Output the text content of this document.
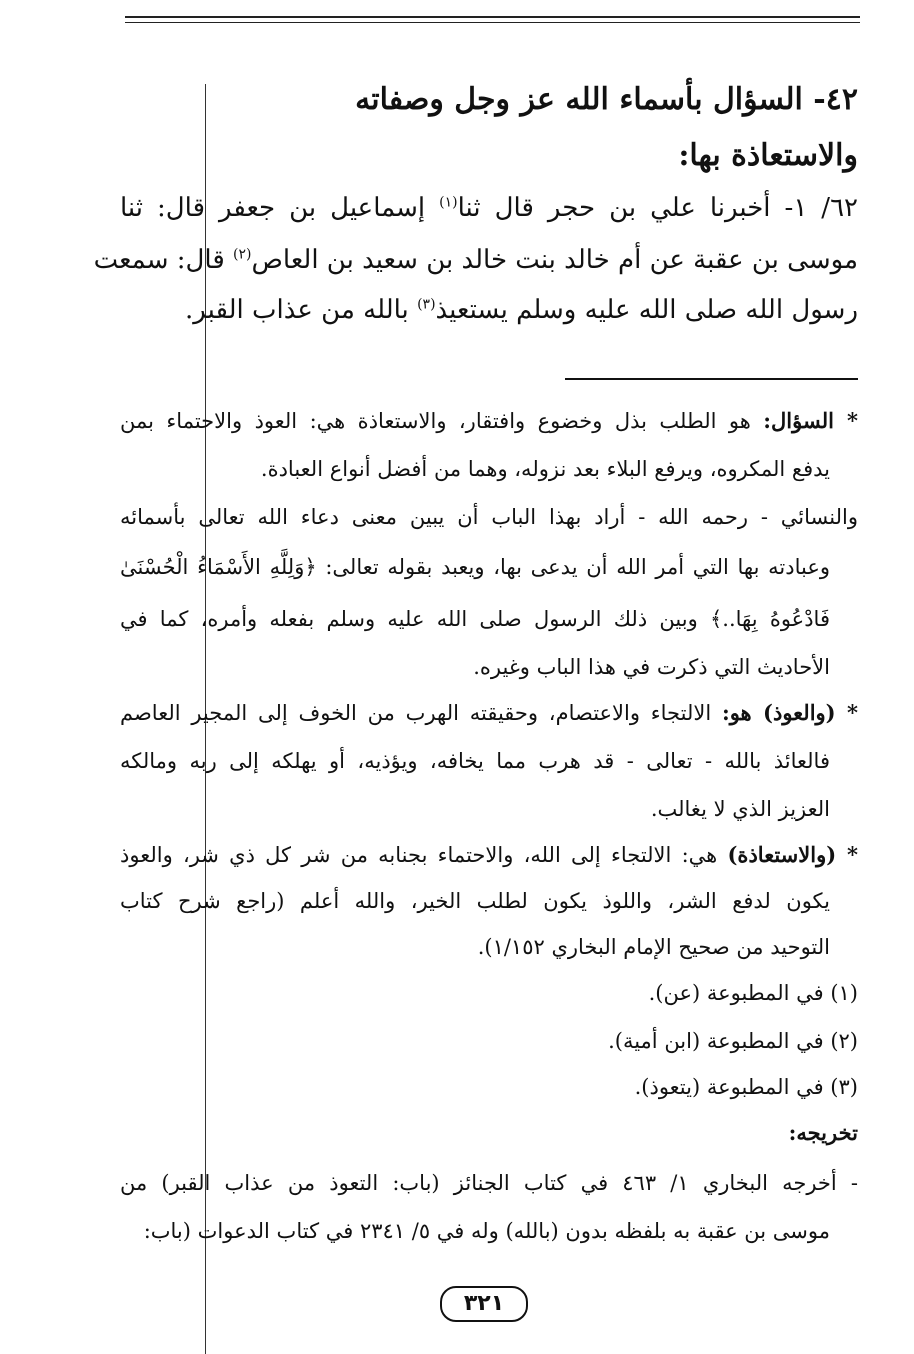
٤٢- السؤال بأسماء الله عز وجل وصفاته
والاستعاذة بها:
٦٢/ ١- أخبرنا علي بن حجر قال ثنا$^{(١)}$ إسماعيل بن جعفر قال: ثنا
موسى بن عقبة عن أم خالد بنت خالد بن سعيد بن العاص$^{(٢)}$ قال: سمعت
رسول الله صلى الله عليه وسلم يستعيذ$^{(٣)}$ بالله من عذاب القبر.
* السؤال: هو الطلب بذل وخضوع وافتقار، والاستعاذة هي: العوذ والاحتماء بمن
يدفع المكروه، ويرفع البلاء بعد نزوله، وهما من أفضل أنواع العبادة.
والنسائي - رحمه الله - أراد بهذا الباب أن يبين معنى دعاء الله تعالى بأسمائه
وعبادته بها التي أمر الله أن يدعى بها، ويعبد بقوله تعالى: ﴿وَلِلَّهِ الأَسْمَاءُ الْحُسْنَىٰ
فَادْعُوهُ بِهَا..﴾ وبين ذلك الرسول صلى الله عليه وسلم بفعله وأمره، كما في
الأحاديث التي ذكرت في هذا الباب وغيره.
* (والعوذ) هو: الالتجاء والاعتصام، وحقيقته الهرب من الخوف إلى المجير العاصم
فالعائذ بالله - تعالى - قد هرب مما يخافه، ويؤذيه، أو يهلكه إلى ربه ومالكه
العزيز الذي لا يغالب.
* (والاستعاذة) هي: الالتجاء إلى الله، والاحتماء بجنابه من شر كل ذي شر، والعوذ
يكون لدفع الشر، واللوذ يكون لطلب الخير، والله أعلم (راجع شرح كتاب
التوحيد من صحيح الإمام البخاري ١/١٥٢).
(١) في المطبوعة (عن).
(٢) في المطبوعة (ابن أمية).
(٣) في المطبوعة (يتعوذ).
تخريجه:
- أخرجه البخاري ١/ ٤٦٣ في كتاب الجنائز (باب: التعوذ من عذاب القبر) من
موسى بن عقبة به بلفظه بدون (بالله) وله في ٥/ ٢٣٤١ في كتاب الدعوات (باب:
٣٢١
